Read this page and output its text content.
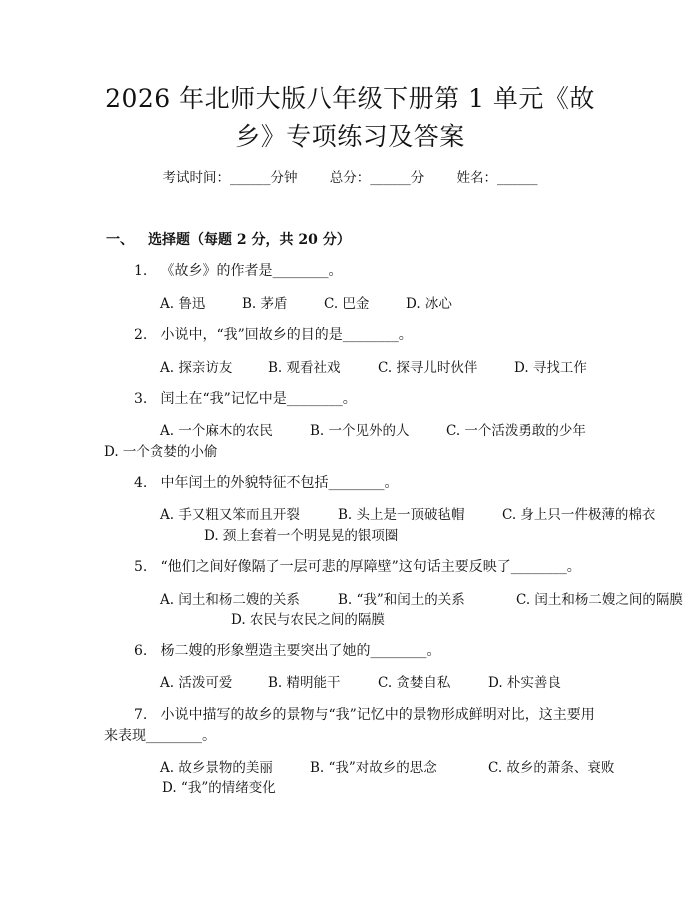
2026 年北师大版八年级下册第 1 单元《故
乡》专项练习及答案
考试时间：______分钟 总分：______分 姓名：______
一、 选择题（每题 2 分，共 20 分）
1. 《故乡》的作者是________。
A. 鲁迅	B. 茅盾	C. 巴金	D. 冰心
2. 小说中，“我”回故乡的目的是________。
A. 探亲访友	B. 观看社戏	C. 探寻儿时伙伴	D. 寻找工作
3. 闰土在“我”记忆中是________。
A. 一个麻木的农民	B. 一个见外的人	C. 一个活泼勇敢的少年
D. 一个贪婪的小偷
4. 中年闰土的外貌特征不包括________。
A. 手又粗又笨而且开裂	B. 头上是一顶破毡帽	C. 身上只一件极薄的棉衣
D. 颈上套着一个明晃晃的银项圈
5. “他们之间好像隔了一层可悲的厚障壁”这句话主要反映了________。
A. 闰土和杨二嫂的关系	B. “我”和闰土的关系	C. 闰土和杨二嫂之间的隔膜
D. 农民与农民之间的隔膜
6. 杨二嫂的形象塑造主要突出了她的________。
A. 活泼可爱	B. 精明能干	C. 贪婪自私	D. 朴实善良
7. 小说中描写的故乡的景物与“我”记忆中的景物形成鲜明对比，这主要用
来表现________。
A. 故乡景物的美丽	B. “我”对故乡的思念	C. 故乡的萧条、衰败
D. “我”的情绪变化
